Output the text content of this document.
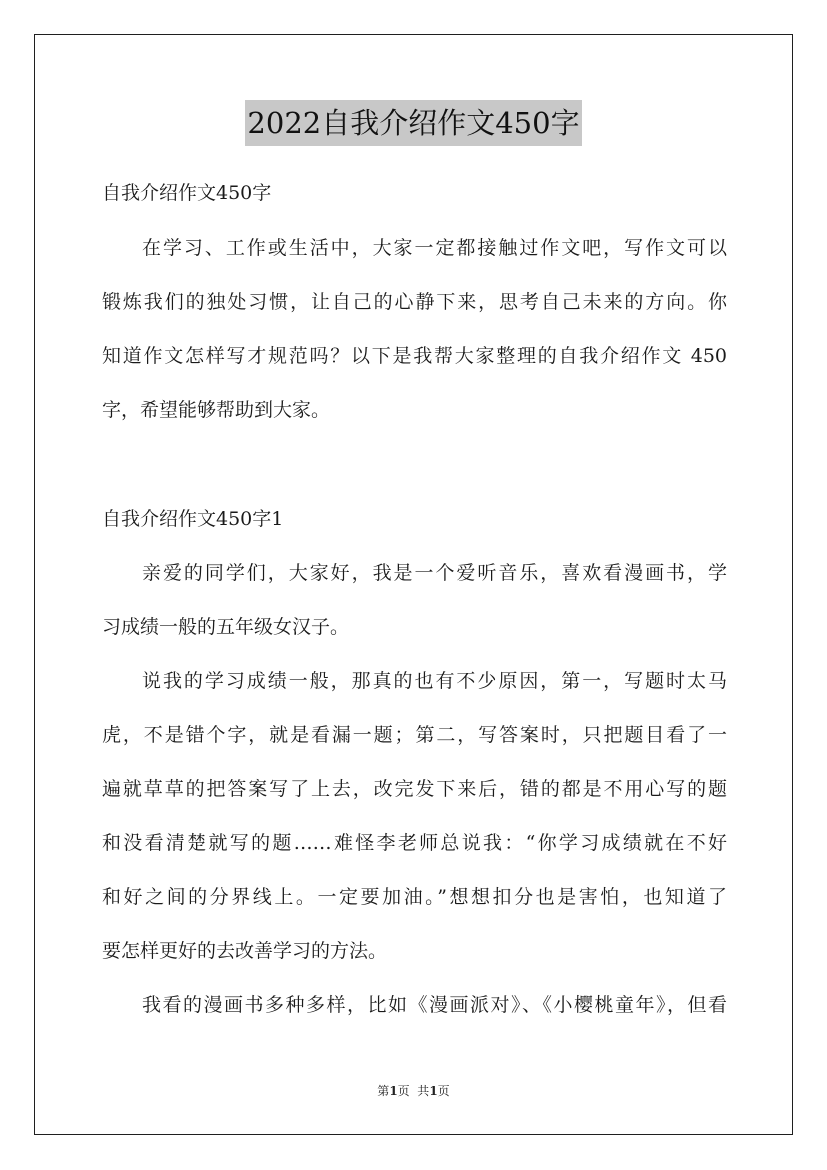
2022自我介绍作文450字
自我介绍作文450字
在学习、工作或生活中，大家一定都接触过作文吧，写作文可以
锻炼我们的独处习惯，让自己的心静下来，思考自己未来的方向。你
知道作文怎样写才规范吗？以下是我帮大家整理的自我介绍作文 450
字，希望能够帮助到大家。
自我介绍作文450字1
亲爱的同学们，大家好，我是一个爱听音乐，喜欢看漫画书，学
习成绩一般的五年级女汉子。
说我的学习成绩一般，那真的也有不少原因，第一，写题时太马
虎，不是错个字，就是看漏一题；第二，写答案时，只把题目看了一
遍就草草的把答案写了上去，改完发下来后，错的都是不用心写的题
和没看清楚就写的题……难怪李老师总说我：“你学习成绩就在不好
和好之间的分界线上。一定要加油。”想想扣分也是害怕，也知道了
要怎样更好的去改善学习的方法。
我看的漫画书多种多样，比如《漫画派对》、《小樱桃童年》，但看
第1页  共1页
